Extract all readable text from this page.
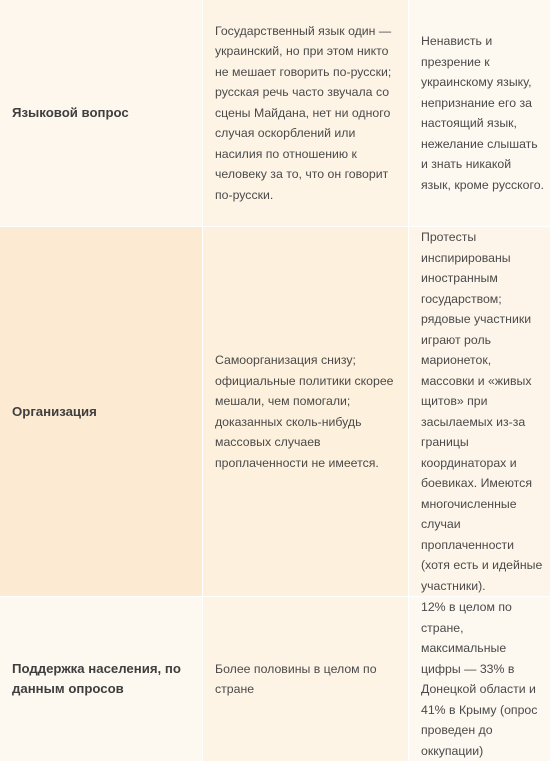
Языковой вопрос	Государственный язык один — украинский, но при этом никто не мешает говорить по-русски; русская речь часто звучала со сцены Майдана, нет ни одного случая оскорблений или насилия по отношению к человеку за то, что он говорит по-русски.	Ненависть и презрение к украинскому языку, непризнание его за настоящий язык, нежелание слышать и знать никакой язык, кроме русского.

Организация	Самоорганизация снизу; официальные политики скорее мешали, чем помогали; доказанных сколь-нибудь массовых случаев проплаченности не имеется.	Протесты инспирированы иностранным государством; рядовые участники играют роль марионеток, массовки и «живых щитов» при засылаемых из-за границы координаторах и боевиках. Имеются многочисленные случаи проплаченности (хотя есть и идейные участники).

Поддержка населения, по данным опросов	Более половины в целом по стране	12% в целом по стране, максимальные цифры — 33% в Донецкой области и 41% в Крыму (опрос проведен до оккупации)
